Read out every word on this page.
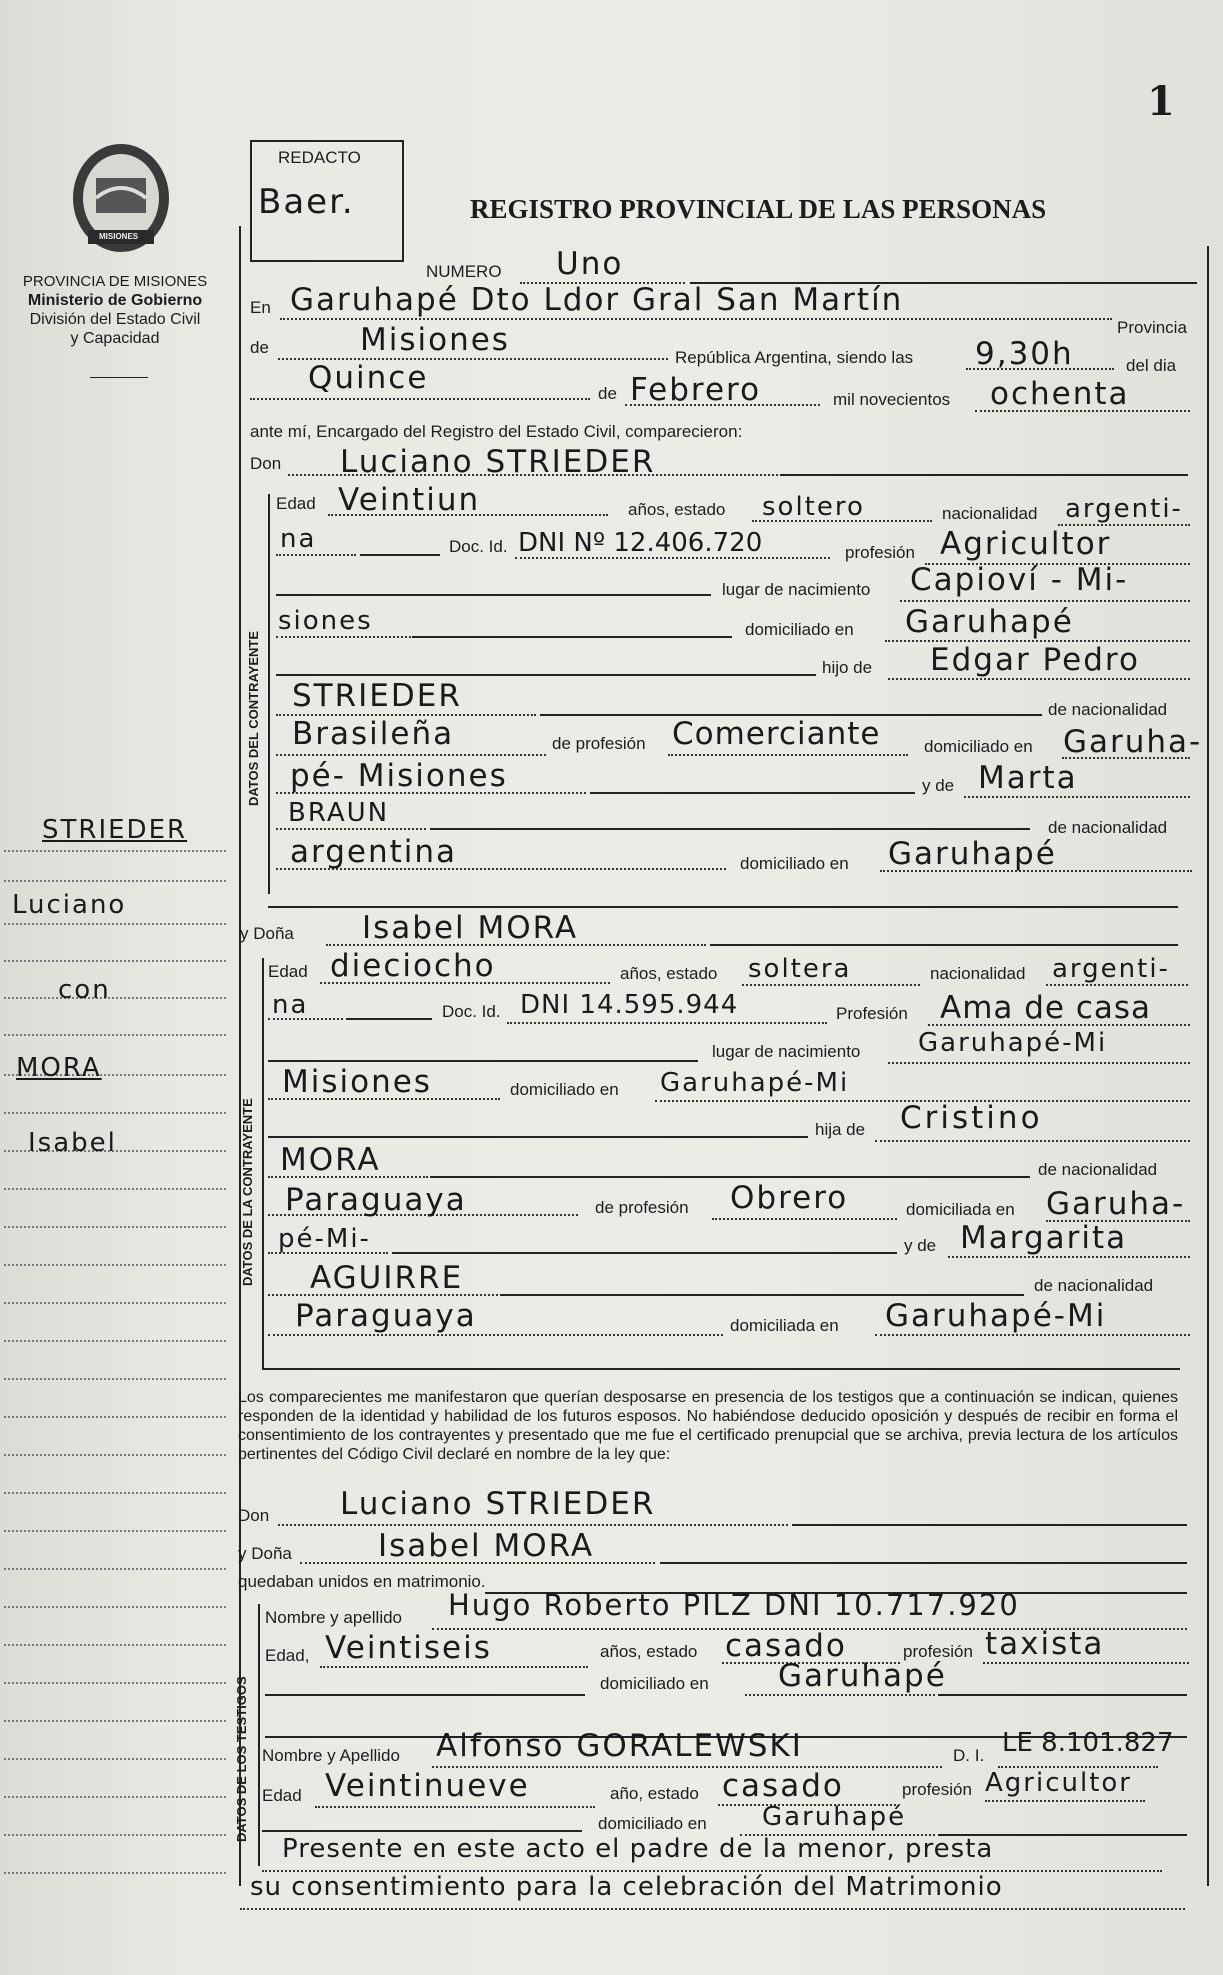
1
MISIONES
PROVINCIA DE MISIONES
Ministerio de Gobierno
División del Estado Civil
y Capacidad
REDACTO
Baer.	REGISTRO PROVINCIAL DE LAS PERSONAS
STRIEDER
Luciano
con
MORA
Isabel
NUMERO Uno
En Garuhapé Dto Ldor Gral San Martín
Provincia
de	Misiones	República Argentina, siendo las 9,30h	del dia
Quince	de Febrero	mil novecientos ochenta
ante mí, Encargado del Registro del Estado Civil, comparecieron:
Don Luciano STRIEDER
DATOS DEL CONTRAYENTE
Edad Veintiun	años, estado soltero	nacionalidad argenti-
na	Doc. Id. DNI Nº 12.406.720	profesión Agricultor
lugar de nacimiento Capioví - Mi-
siones	domiciliado en Garuhapé
hijo de Edgar Pedro
STRIEDER	de nacionalidad
Brasileña	de profesión Comerciante	domiciliado en Garuha-
pé- Misiones	y de Marta
BRAUN	de nacionalidad
argentina	domiciliado en Garuhapé
y Doña Isabel MORA
DATOS DE LA CONTRAYENTE
Edad dieciocho	años, estado soltera	nacionalidad argenti-
na	Doc. Id. DNI 14.595.944	Profesión Ama de casa
lugar de nacimiento Garuhapé-Mi
Misiones	domiciliado en Garuhapé-Mi
hija de Cristino
MORA	de nacionalidad
Paraguaya	de profesión Obrero	domiciliada en Garuha-
pé-Mi-	y de Margarita
AGUIRRE	de nacionalidad
Paraguaya	domiciliada en Garuhapé-Mi
Los comparecientes me manifestaron que querían desposarse en presencia de los testigos que a continuación se indican, quienes responden de la identidad y habilidad de los futuros esposos. No habiéndose deducido oposición y después de recibir en forma el consentimiento de los contrayentes y presentado que me fue el certificado prenupcial que se archiva, previa lectura de los artículos pertinentes del Código Civil declaré en nombre de la ley que:
Don Luciano STRIEDER
y Doña	Isabel MORA
quedaban unidos en matrimonio.
DATOS DE LOS TESTIGOS
Nombre y apellido Hugo Roberto PILZ DNI 10.717.920
Edad, Veintiseis	años, estado casado	profesión taxista
domiciliado en Garuhapé
Nombre y Apellido Alfonso GORALEWSKI	D. I. LE 8.101.827
Edad Veintinueve	año, estado casado	profesión Agricultor
domiciliado en Garuhapé
Presente en este acto el padre de la menor, presta
su consentimiento para la celebración del Matrimonio
